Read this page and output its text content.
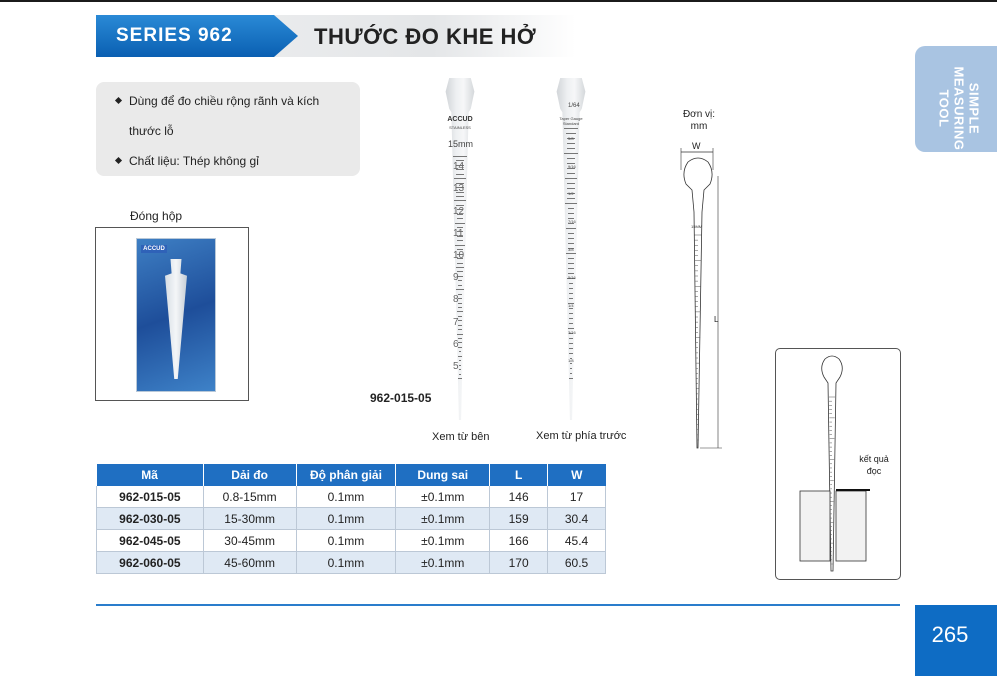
SERIES 962	THƯỚC ĐO KHE HỞ
SIMPLE
MEASURING TOOL
Dùng để đo chiều rộng rãnh và kích
thước lỗ
Chất liệu: Thép không gỉ
Đóng hộp
ACCUD
ACCUD
STAINLESS
15mm
14
13
12
11
10
9
8
7
6
5
Xem từ bên
1/64
Taper Gauge Standard
5/8
9/16
1/2
7/16
3/8
5/16
1/4
3/16
1/8
Xem từ phía trước
962-015-05
Đơn vị:
mm
W
15MM
L
kết quả
đọc
Mã	Dải đo	Độ phân giải	Dung sai	L	W
962-015-05	0.8-15mm	0.1mm	±0.1mm	146	17
962-030-05	15-30mm	0.1mm	±0.1mm	159	30.4
962-045-05	30-45mm	0.1mm	±0.1mm	166	45.4
962-060-05	45-60mm	0.1mm	±0.1mm	170	60.5
265
